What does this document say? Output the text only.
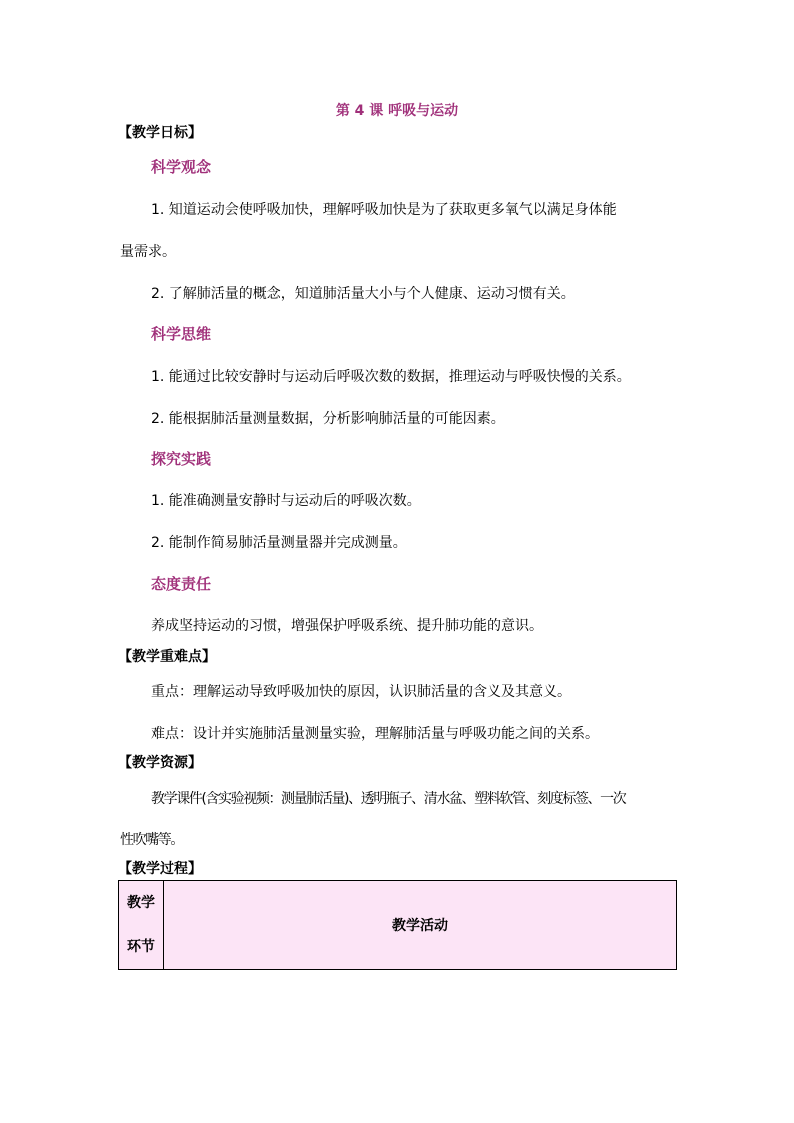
第 4 课 呼吸与运动
【教学日标】
科学观念
1. 知道运动会使呼吸加快，理解呼吸加快是为了获取更多氧气以满足身体能
量需求。
2. 了解肺活量的概念，知道肺活量大小与个人健康、运动习惯有关。
科学思维
1. 能通过比较安静时与运动后呼吸次数的数据，推理运动与呼吸快慢的关系。
2. 能根据肺活量测量数据，分析影响肺活量的可能因素。
探究实践
1. 能准确测量安静时与运动后的呼吸次数。
2. 能制作简易肺活量测量器并完成测量。
态度责任
养成坚持运动的习惯，增强保护呼吸系统、提升肺功能的意识。
【教学重难点】
重点：理解运动导致呼吸加快的原因，认识肺活量的含义及其意义。
难点：设计并实施肺活量测量实验，理解肺活量与呼吸功能之间的关系。
【教学资源】
教学课件(含实验视频：测量肺活量)、透明瓶子、清水盆、塑料软管、刻度标签、一次
性吹嘴等。
【教学过程】
教学
环节
	教学活动
